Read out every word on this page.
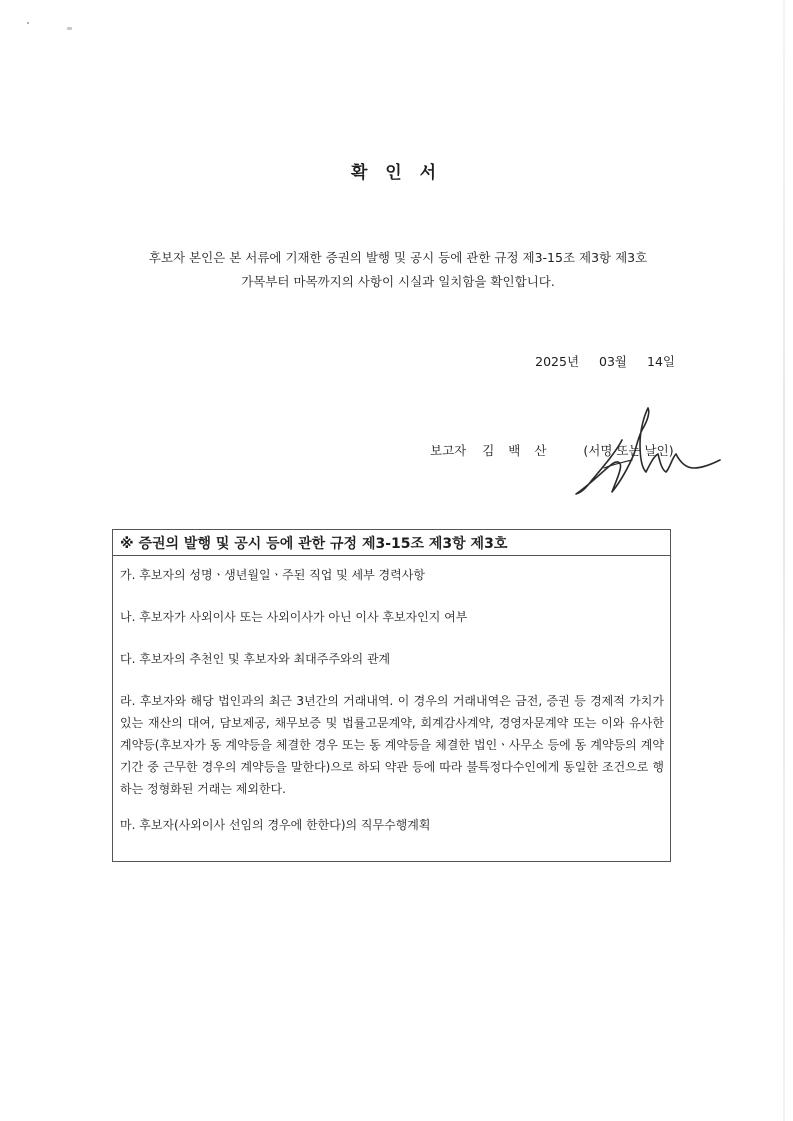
확 인 서
후보자 본인은 본 서류에 기재한 증권의 발행 및 공시 등에 관한 규정 제3-15조 제3항 제3호
가목부터 마목까지의 사항이 시실과 일치함을 확인합니다.
2025년 03월 14일
보고자 김 백 산	(서명 또는 날인)
※ 증권의 발행 및 공시 등에 관한 규정 제3-15조 제3항 제3호
가. 후보자의 성명ㆍ생년월일ㆍ주된 직업 및 세부 경력사항
나. 후보자가 사외이사 또는 사외이사가 아닌 이사 후보자인지 여부
다. 후보자의 추천인 및 후보자와 최대주주와의 관계
라. 후보자와 해당 법인과의 최근 3년간의 거래내역. 이 경우의 거래내역은 금전, 증권 등 경제적 가치가 있는 재산의 대여, 담보제공, 채무보증 및 법률고문계약, 회계감사계약, 경영자문계약 또는 이와 유사한 계약등(후보자가 동 계약등을 체결한 경우 또는 동 계약등을 체결한 법인ㆍ사무소 등에 동 계약등의 계약기간 중 근무한 경우의 계약등을 말한다)으로 하되 약관 등에 따라 불특정다수인에게 동일한 조건으로 행하는 정형화된 거래는 제외한다.
마. 후보자(사외이사 선임의 경우에 한한다)의 직무수행계획
